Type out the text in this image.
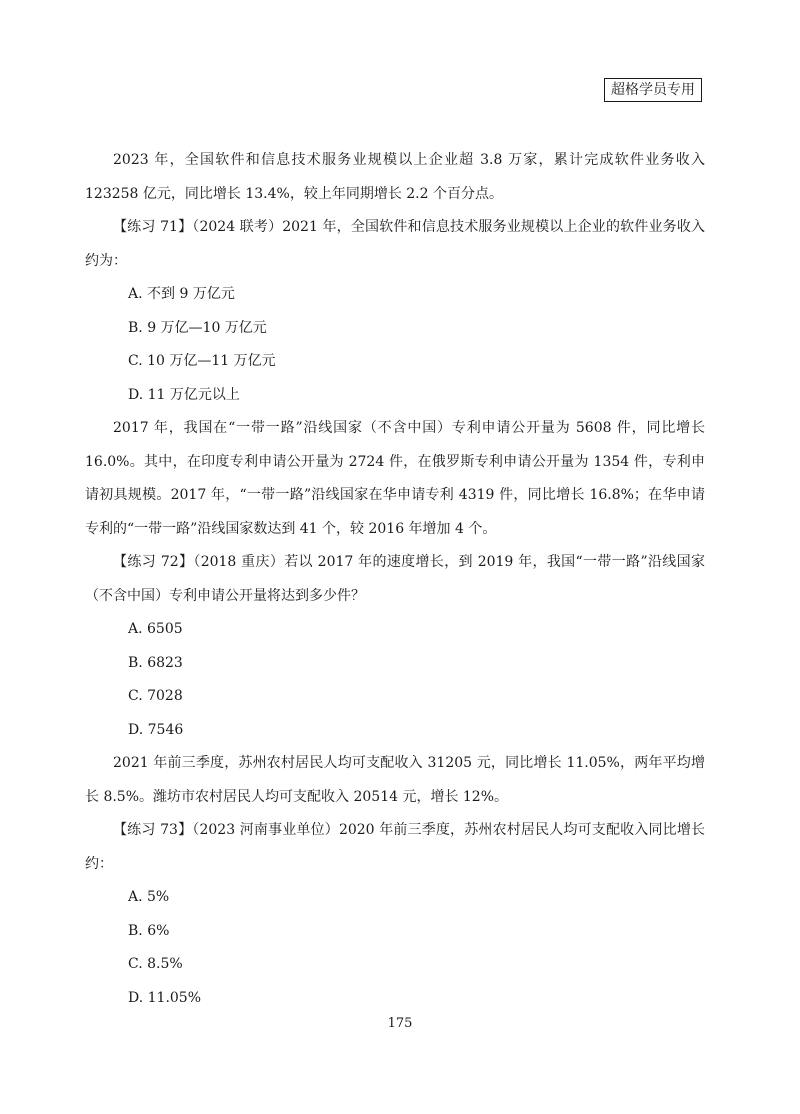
超格学员专用

2023 年，全国软件和信息技术服务业规模以上企业超 3.8 万家，累计完成软件业务收入 123258 亿元，同比增长 13.4%，较上年同期增长 2.2 个百分点。

【练习 71】（2024 联考）2021 年，全国软件和信息技术服务业规模以上企业的软件业务收入约为：

A. 不到 9 万亿元

B. 9 万亿—10 万亿元

C. 10 万亿—11 万亿元

D. 11 万亿元以上

2017 年，我国在“一带一路”沿线国家（不含中国）专利申请公开量为 5608 件，同比增长 16.0%。其中，在印度专利申请公开量为 2724 件，在俄罗斯专利申请公开量为 1354 件，专利申请初具规模。2017 年，“一带一路”沿线国家在华申请专利 4319 件，同比增长 16.8%；在华申请专利的“一带一路”沿线国家数达到 41 个，较 2016 年增加 4 个。

【练习 72】（2018 重庆）若以 2017 年的速度增长，到 2019 年，我国“一带一路”沿线国家（不含中国）专利申请公开量将达到多少件？

A. 6505

B. 6823

C. 7028

D. 7546

2021 年前三季度，苏州农村居民人均可支配收入 31205 元，同比增长 11.05%，两年平均增长 8.5%。潍坊市农村居民人均可支配收入 20514 元，增长 12%。

【练习 73】（2023 河南事业单位）2020 年前三季度，苏州农村居民人均可支配收入同比增长约：

A. 5%

B. 6%

C. 8.5%

D. 11.05%

175
